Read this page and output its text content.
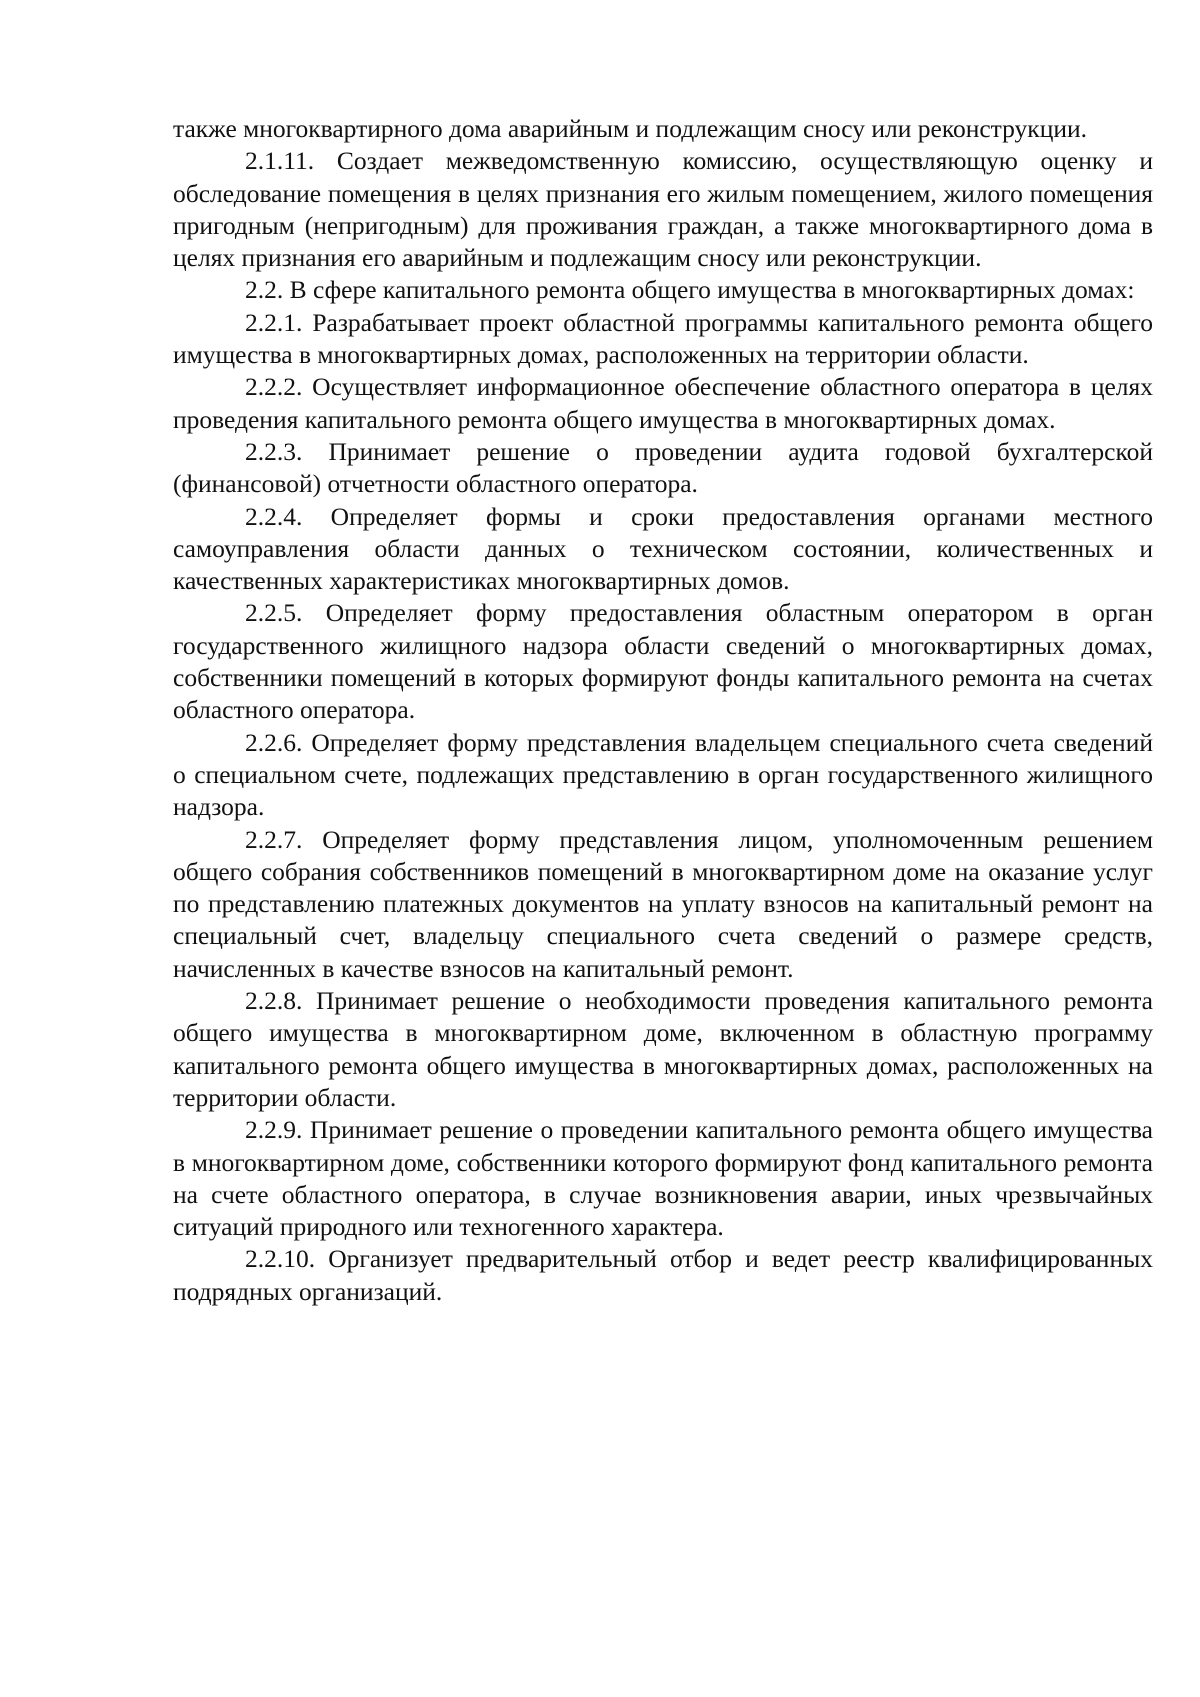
также многоквартирного дома аварийным и подлежащим сносу или реконструкции.

2.1.11. Создает межведомственную комиссию, осуществляющую оценку и обследование помещения в целях признания его жилым помещением, жилого помещения пригодным (непригодным) для проживания граждан, а также многоквартирного дома в целях признания его аварийным и подлежащим сносу или реконструкции.

2.2. В сфере капитального ремонта общего имущества в многоквартирных домах:

2.2.1. Разрабатывает проект областной программы капитального ремонта общего имущества в многоквартирных домах, расположенных на территории области.

2.2.2. Осуществляет информационное обеспечение областного оператора в целях проведения капитального ремонта общего имущества в многоквартирных домах.

2.2.3. Принимает решение о проведении аудита годовой бухгалтерской (финансовой) отчетности областного оператора.

2.2.4. Определяет формы и сроки предоставления органами местного самоуправления области данных о техническом состоянии, количественных и качественных характеристиках многоквартирных домов.

2.2.5. Определяет форму предоставления областным оператором в орган государственного жилищного надзора области сведений о многоквартирных домах, собственники помещений в которых формируют фонды капитального ремонта на счетах областного оператора.

2.2.6. Определяет форму представления владельцем специального счета сведений о специальном счете, подлежащих представлению в орган государственного жилищного надзора.

2.2.7. Определяет форму представления лицом, уполномоченным решением общего собрания собственников помещений в многоквартирном доме на оказание услуг по представлению платежных документов на уплату взносов на капитальный ремонт на специальный счет, владельцу специального счета сведений о размере средств, начисленных в качестве взносов на капитальный ремонт.

2.2.8. Принимает решение о необходимости проведения капитального ремонта общего имущества в многоквартирном доме, включенном в областную программу капитального ремонта общего имущества в многоквартирных домах, расположенных на территории области.

2.2.9. Принимает решение о проведении капитального ремонта общего имущества в многоквартирном доме, собственники которого формируют фонд капитального ремонта на счете областного оператора, в случае возникновения аварии, иных чрезвычайных ситуаций природного или техногенного характера.

2.2.10. Организует предварительный отбор и ведет реестр квалифицированных подрядных организаций.
